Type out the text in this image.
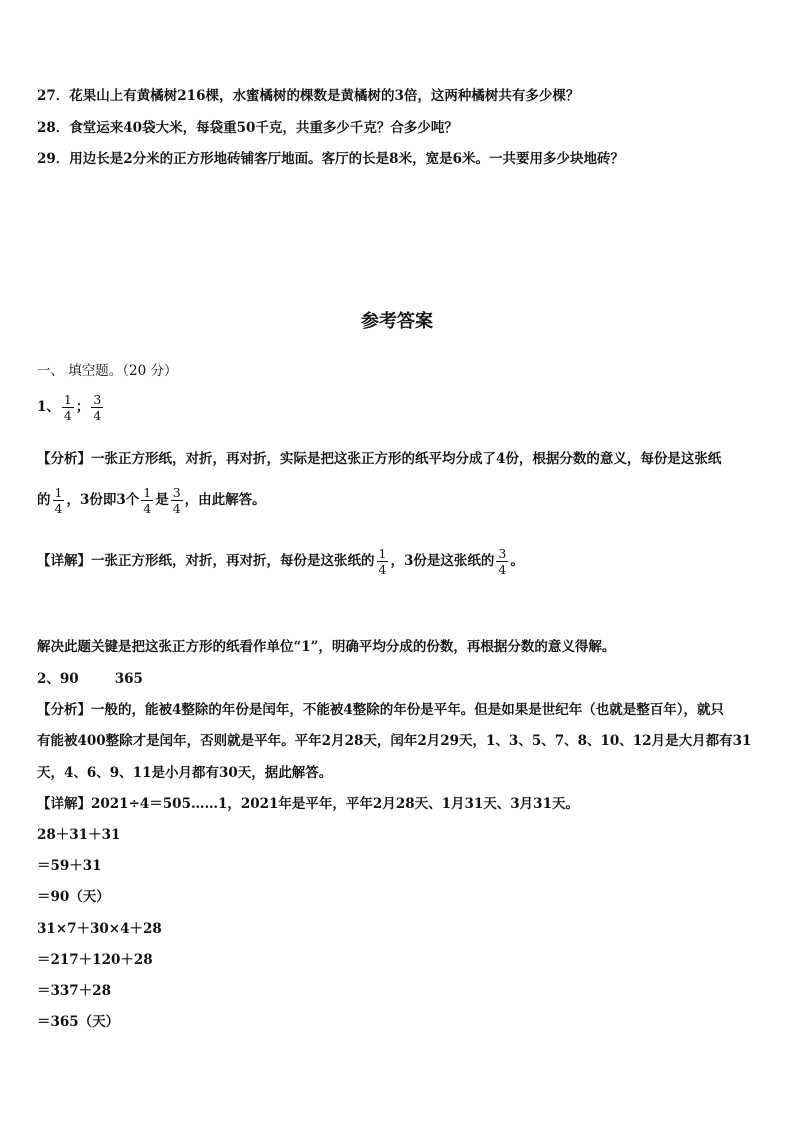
27．花果山上有黄橘树216棵，水蜜橘树的棵数是黄橘树的3倍，这两种橘树共有多少棵？
28．食堂运来40袋大米，每袋重50千克，共重多少千克？合多少吨？
29．用边长是2分米的正方形地砖铺客厅地面。客厅的长是8米，宽是6米。一共要用多少块地砖？
参考答案
一、 填空题。（20 分）
1、 $\frac{1}{4}$ ； $\frac{3}{4}$
【分析】一张正方形纸，对折，再对折，实际是把这张正方形的纸平均分成了4份，根据分数的意义，每份是这张纸
的 $\frac{1}{4}$ ，3份即3个 $\frac{1}{4}$ 是 $\frac{3}{4}$ ，由此解答。
【详解】一张正方形纸，对折，再对折，每份是这张纸的 $\frac{1}{4}$ ，3份是这张纸的 $\frac{3}{4}$ 。
解决此题关键是把这张正方形的纸看作单位“1”，明确平均分成的份数，再根据分数的意义得解。
2、90	365
【分析】一般的，能被4整除的年份是闰年，不能被4整除的年份是平年。但是如果是世纪年（也就是整百年），就只
有能被400整除才是闰年，否则就是平年。平年2月28天，闰年2月29天，1、3、5、7、8、10、12月是大月都有31
天，4、6、9、11是小月都有30天，据此解答。
【详解】2021÷4＝505……1，2021年是平年，平年2月28天、1月31天、3月31天。
28＋31＋31
＝59＋31
＝90（天）
31×7＋30×4＋28
＝217＋120＋28
＝337＋28
＝365（天）
